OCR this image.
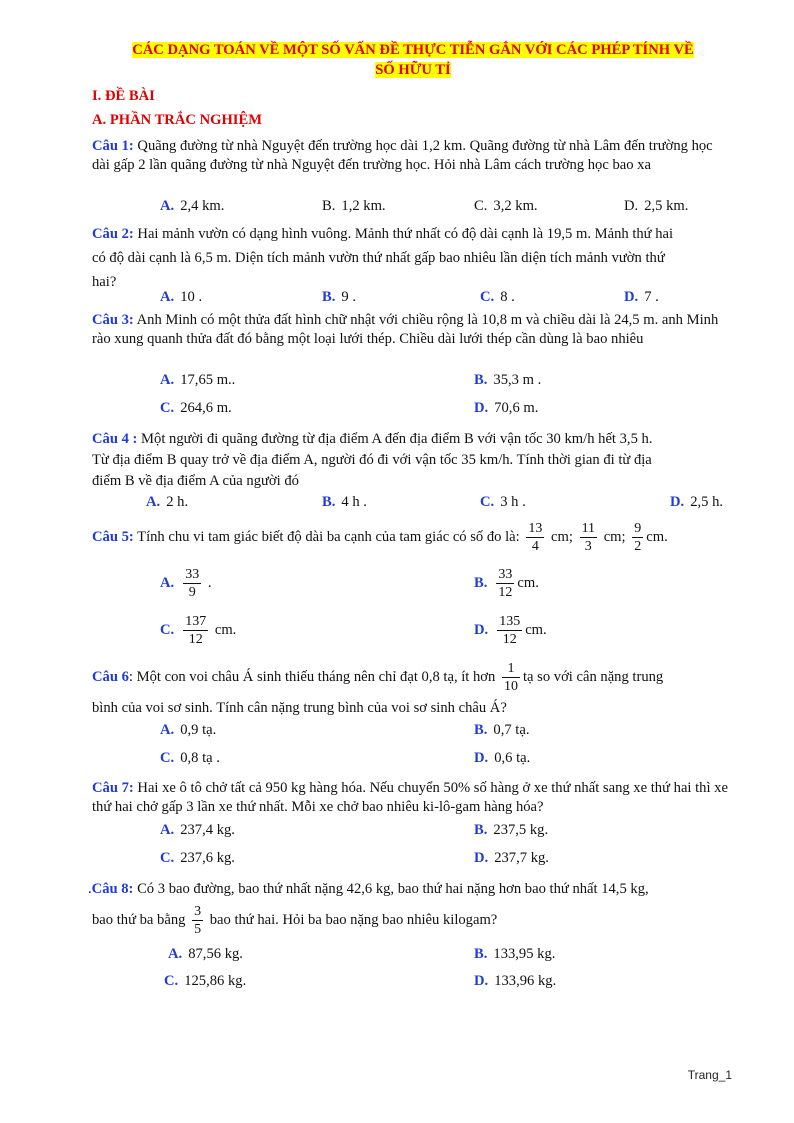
CÁC DẠNG TOÁN VỀ MỘT SỐ VẤN ĐỀ THỰC TIỄN GẮN VỚI CÁC PHÉP TÍNH VỀ
SỐ HỮU TỈ
I. ĐỀ BÀI
A. PHẦN TRẮC NGHIỆM
Câu 1: Quãng đường từ nhà Nguyệt đến trường học dài 1,2 km. Quãng đường từ nhà Lâm đến trường học dài gấp 2 lần quãng đường từ nhà Nguyệt đến trường học. Hỏi nhà Lâm cách trường học bao xa
A. 2,4 km.	B. 1,2 km.	C. 3,2 km.	D. 2,5 km.
Câu 2: Hai mảnh vườn có dạng hình vuông. Mảnh thứ nhất có độ dài cạnh là 19,5 m. Mảnh thứ hai
có độ dài cạnh là 6,5 m. Diện tích mảnh vườn thứ nhất gấp bao nhiêu lần diện tích mảnh vườn thứ
hai?
A. 10 .	B. 9 .	C. 8 .	D. 7 .
Câu 3: Anh Minh có một thửa đất hình chữ nhật với chiều rộng là 10,8 m và chiều dài là 24,5 m. anh Minh rào xung quanh thửa đất đó bằng một loại lưới thép. Chiều dài lưới thép cần dùng là bao nhiêu
A. 17,65 m..	B. 35,3 m .
C. 264,6 m.	D. 70,6 m.
Câu 4 : Một người đi quãng đường từ địa điểm A đến địa điểm B với vận tốc 30 km/h hết 3,5 h.
Từ địa điểm B quay trở về địa điểm A, người đó đi với vận tốc 35 km/h. Tính thời gian đi từ địa
điểm B về địa điểm A của người đó
A. 2 h.	B. 4 h .	C. 3 h .	D. 2,5 h.
Câu 5: Tính chu vi tam giác biết độ dài ba cạnh của tam giác có số đo là: $\frac{13}{4}$ cm; $\frac{11}{3}$ cm; $\frac{9}{2}$ cm.
A. $\frac{33}{9}$ .	B. $\frac{33}{12}$ cm.
C. $\frac{137}{12}$ cm.	D. $\frac{135}{12}$ cm.
Câu 6: Một con voi châu Á sinh thiếu tháng nên chỉ đạt 0,8 tạ, ít hơn $\frac{1}{10}$ tạ so với cân nặng trung
bình của voi sơ sinh. Tính cân nặng trung bình của voi sơ sinh châu Á?
A. 0,9 tạ.	B. 0,7 tạ.
C. 0,8 tạ .	D. 0,6 tạ.
Câu 7: Hai xe ô tô chở tất cả 950 kg hàng hóa. Nếu chuyển 50% số hàng ở xe thứ nhất sang xe thứ hai thì xe thứ hai chở gấp 3 lần xe thứ nhất. Mỗi xe chở bao nhiêu ki-lô-gam hàng hóa?
A. 237,4 kg.	B. 237,5 kg.
C. 237,6 kg.	D. 237,7 kg.
.Câu 8: Có 3 bao đường, bao thứ nhất nặng 42,6 kg, bao thứ hai nặng hơn bao thứ nhất 14,5 kg,
bao thứ ba bằng $\frac{3}{5}$ bao thứ hai. Hỏi ba bao nặng bao nhiêu kilogam?
A. 87,56 kg.	B. 133,95 kg.
C. 125,86 kg.	D. 133,96 kg.
Trang_1
